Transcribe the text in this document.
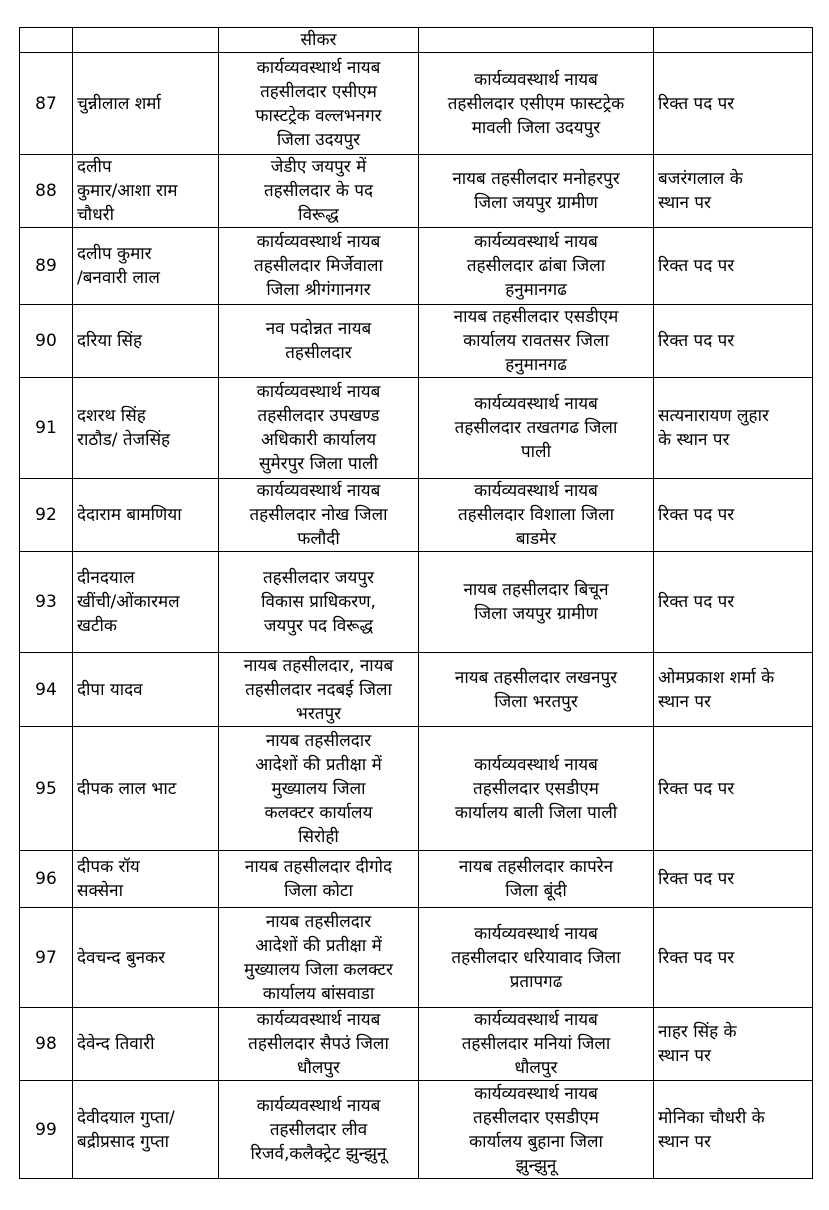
		सीकर		
87	चुन्नीलाल शर्मा	कार्यव्यवस्थार्थ नायब
तहसीलदार एसीएम
फास्टट्रेक वल्लभनगर
जिला उदयपुर	कार्यव्यवस्थार्थ नायब
तहसीलदार एसीएम फास्टट्रेक
मावली जिला उदयपुर	रिक्त पद पर

88	दलीप
कुमार/आशा राम
चौधरी	जेडीए जयपुर में
तहसीलदार के पद
विरूद्ध	नायब तहसीलदार मनोहरपुर
जिला जयपुर ग्रामीण	बजरंगलाल के
स्थान पर

89	दलीप कुमार
/बनवारी लाल	कार्यव्यवस्थार्थ नायब
तहसीलदार मिर्जेवाला
जिला श्रीगंगानगर	कार्यव्यवस्थार्थ नायब
तहसीलदार ढांबा जिला
हनुमानगढ	रिक्त पद पर

90	दरिया सिंह	नव पदोन्नत नायब
तहसीलदार	नायब तहसीलदार एसडीएम
कार्यालय रावतसर जिला
हनुमानगढ	रिक्त पद पर

91	दशरथ सिंह
राठौड/ तेजसिंह	कार्यव्यवस्थार्थ नायब
तहसीलदार उपखण्ड
अधिकारी कार्यालय
सुमेरपुर जिला पाली	कार्यव्यवस्थार्थ नायब
तहसीलदार तखतगढ जिला
पाली	सत्यनारायण लुहार
के स्थान पर

92	देदाराम बामणिया	कार्यव्यवस्थार्थ नायब
तहसीलदार नोख जिला
फलौदी	कार्यव्यवस्थार्थ नायब
तहसीलदार विशाला जिला
बाडमेर	रिक्त पद पर

93	दीनदयाल
खींची/ओंकारमल
खटीक	तहसीलदार जयपुर
विकास प्राधिकरण,
जयपुर पद विरूद्ध	नायब तहसीलदार बिचून
जिला जयपुर ग्रामीण	रिक्त पद पर

94	दीपा यादव	नायब तहसीलदार, नायब
तहसीलदार नदबई जिला
भरतपुर	नायब तहसीलदार लखनपुर
जिला भरतपुर	ओमप्रकाश शर्मा के
स्थान पर

95	दीपक लाल भाट	नायब तहसीलदार
आदेशों की प्रतीक्षा में
मुख्यालय जिला
कलक्टर कार्यालय
सिरोही	कार्यव्यवस्थार्थ नायब
तहसीलदार एसडीएम
कार्यालय बाली जिला पाली	रिक्त पद पर

96	दीपक रॉय
सक्सेना	नायब तहसीलदार दीगोद
जिला कोटा	नायब तहसीलदार कापरेन
जिला बूंदी	रिक्त पद पर

97	देवचन्द बुनकर	नायब तहसीलदार
आदेशों की प्रतीक्षा में
मुख्यालय जिला कलक्टर
कार्यालय बांसवाडा	कार्यव्यवस्थार्थ नायब
तहसीलदार धरियावाद जिला
प्रतापगढ	रिक्त पद पर

98	देवेन्द तिवारी	कार्यव्यवस्थार्थ नायब
तहसीलदार सैपउं जिला
धौलपुर	कार्यव्यवस्थार्थ नायब
तहसीलदार मनियां जिला
धौलपुर	नाहर सिंह के
स्थान पर

99	देवीदयाल गुप्ता/
बद्रीप्रसाद गुप्ता	कार्यव्यवस्थार्थ नायब
तहसीलदार लीव
रिजर्व,कलैक्ट्रेट झुन्झुनू	कार्यव्यवस्थार्थ नायब
तहसीलदार एसडीएम
कार्यालय बुहाना जिला
झुन्झुनू	मोनिका चौधरी के
स्थान पर
